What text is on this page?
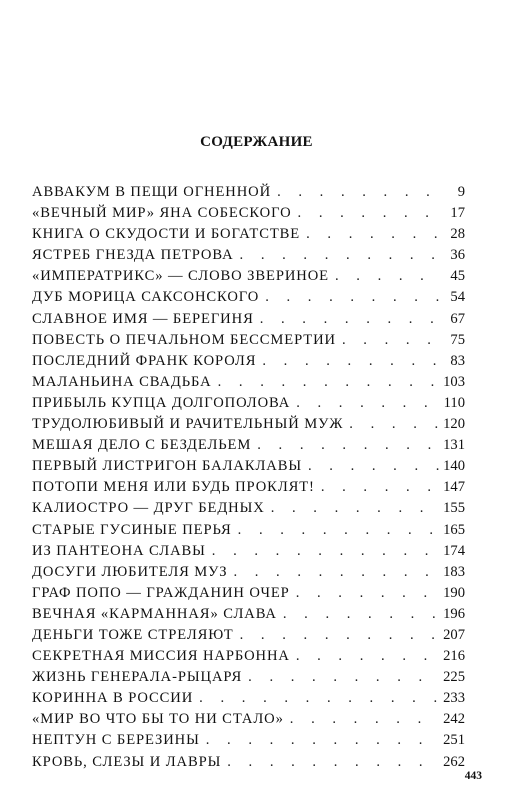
СОДЕРЖАНИЕ
АВВАКУМ В ПЕЩИ ОГНЕННОЙ . . .	9
«ВЕЧНЫЙ МИР» ЯНА СОБЕСКОГО . . .	17
КНИГА О СКУДОСТИ И БОГАТСТВЕ . . .	28
ЯСТРЕБ ГНЕЗДА ПЕТРОВА . . .	36
«ИМПЕРАТРИКС» — СЛОВО ЗВЕРИНОЕ . . .	45
ДУБ МОРИЦА САКСОНСКОГО . . .	54
СЛАВНОЕ ИМЯ — БЕРЕГИНЯ . . .	67
ПОВЕСТЬ О ПЕЧАЛЬНОМ БЕССМЕРТИИ . . .	75
ПОСЛЕДНИЙ ФРАНК КОРОЛЯ . . .	83
МАЛАНЬИНА СВАДЬБА . . .	103
ПРИБЫЛЬ КУПЦА ДОЛГОПОЛОВА . . .	110
ТРУДОЛЮБИВЫЙ И РАЧИТЕЛЬНЫЙ МУЖ . . .	120
МЕШАЯ ДЕЛО С БЕЗДЕЛЬЕМ . . .	131
ПЕРВЫЙ ЛИСТРИГОН БАЛАКЛАВЫ . . .	140
ПОТОПИ МЕНЯ ИЛИ БУДЬ ПРОКЛЯТ! . . .	147
КАЛИОСТРО — ДРУГ БЕДНЫХ . . .	155
СТАРЫЕ ГУСИНЫЕ ПЕРЬЯ . . .	165
ИЗ ПАНТЕОНА СЛАВЫ . . .	174
ДОСУГИ ЛЮБИТЕЛЯ МУЗ . . .	183
ГРАФ ПОПО — ГРАЖДАНИН ОЧЕР . . .	190
ВЕЧНАЯ «КАРМАННАЯ» СЛАВА . . .	196
ДЕНЬГИ ТОЖЕ СТРЕЛЯЮТ . . .	207
СЕКРЕТНАЯ МИССИЯ НАРБОННА . . .	216
ЖИЗНЬ ГЕНЕРАЛА-РЫЦАРЯ . . .	225
КОРИННА В РОССИИ . . .	233
«МИР ВО ЧТО БЫ ТО НИ СТАЛО» . . .	242
НЕПТУН С БЕРЕЗИНЫ . . .	251
КРОВЬ, СЛЕЗЫ И ЛАВРЫ . . .	262
443
